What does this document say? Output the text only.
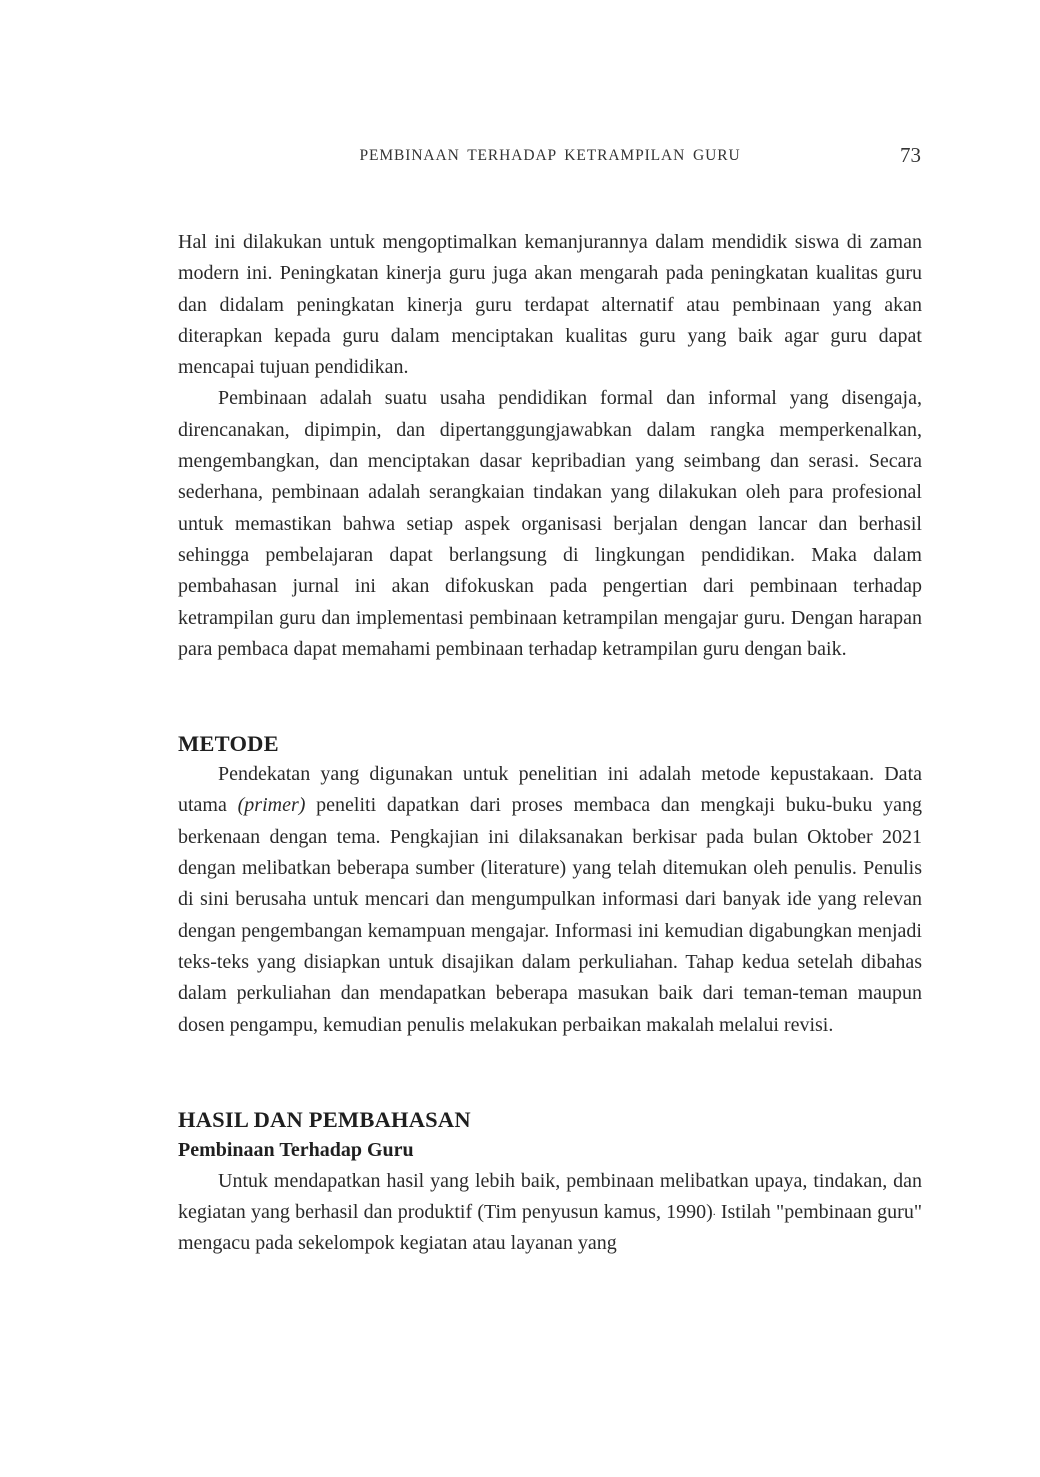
PEMBINAAN TERHADAP KETRAMPILAN GURU	73

Hal ini dilakukan untuk mengoptimalkan kemanjurannya dalam mendidik siswa di zaman modern ini. Peningkatan kinerja guru juga akan mengarah pada peningkatan kualitas guru dan didalam peningkatan kinerja guru terdapat alternatif atau pembinaan yang akan diterapkan kepada guru dalam menciptakan kualitas guru yang baik agar guru dapat mencapai tujuan pendidikan.

Pembinaan adalah suatu usaha pendidikan formal dan informal yang disengaja, direncanakan, dipimpin, dan dipertanggungjawabkan dalam rangka memperkenalkan, mengembangkan, dan menciptakan dasar kepribadian yang seimbang dan serasi. Secara sederhana, pembinaan adalah serangkaian tindakan yang dilakukan oleh para profesional untuk memastikan bahwa setiap aspek organisasi berjalan dengan lancar dan berhasil sehingga pembelajaran dapat berlangsung di lingkungan pendidikan. Maka dalam pembahasan jurnal ini akan difokuskan pada pengertian dari pembinaan terhadap ketrampilan guru dan implementasi pembinaan ketrampilan mengajar guru. Dengan harapan para pembaca dapat memahami pembinaan terhadap ketrampilan guru dengan baik.

METODE

Pendekatan yang digunakan untuk penelitian ini adalah metode kepustakaan. Data utama (primer) peneliti dapatkan dari proses membaca dan mengkaji buku-buku yang berkenaan dengan tema. Pengkajian ini dilaksanakan berkisar pada bulan Oktober 2021 dengan melibatkan beberapa sumber (literature) yang telah ditemukan oleh penulis. Penulis di sini berusaha untuk mencari dan mengumpulkan informasi dari banyak ide yang relevan dengan pengembangan kemampuan mengajar. Informasi ini kemudian digabungkan menjadi teks-teks yang disiapkan untuk disajikan dalam perkuliahan. Tahap kedua setelah dibahas dalam perkuliahan dan mendapatkan beberapa masukan baik dari teman-teman maupun dosen pengampu, kemudian penulis melakukan perbaikan makalah melalui revisi.

HASIL DAN PEMBAHASAN
Pembinaan Terhadap Guru

Untuk mendapatkan hasil yang lebih baik, pembinaan melibatkan upaya, tindakan, dan kegiatan yang berhasil dan produktif (Tim penyusun kamus, 1990). Istilah "pembinaan guru" mengacu pada sekelompok kegiatan atau layanan yang
